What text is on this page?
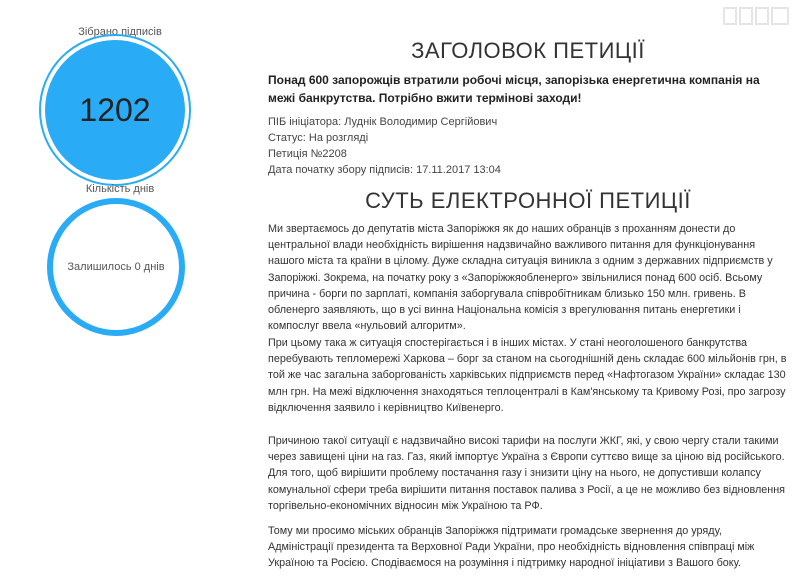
Зібрано підписів
1202
Кількість днів
Залишилось 0 днів
ЗАГОЛОВОК ПЕТИЦІЇ

Понад 600 запорожців втратили робочі місця, запорізька енергетична компанія на межі банкрутства. Потрібно вжити термінові заходи!

ПІБ ініціатора: Луднік Володимир Сергійович
Статус: На розгляді
Петиція №2208
Дата початку збору підписів: 17.11.2017 13:04
СУТЬ ЕЛЕКТРОННОЇ ПЕТИЦІЇ

Ми звертаємось до депутатів міста Запоріжжя як до наших обранців з проханням донести до центральної влади необхідність вирішення надзвичайно важливого питання для функціонування нашого міста та країни в цілому. Дуже складна ситуація виникла з одним з державних підприємств у Запоріжжі. Зокрема, на початку року з «Запоріжжяобленерго» звільнилися понад 600 осіб. Всьому причина - борги по зарплаті, компанія заборгувала співробітникам близько 150 млн. гривень. В обленерго заявляють, що в усі винна Національна комісія з врегулювання питань енергетики і компослуг ввела «нульовий алгоритм».

При цьому така ж ситуація спостерігається і в інших містах. У стані неоголошеного банкрутства перебувають тепломережі Харкова – борг за станом на сьогоднішній день складає 600 мільйонів грн, в той же час загальна заборгованість харківських підприємств перед «Нафтогазом України» складає 130 млн грн. На межі відключення знаходяться теплоцентралі в Кам'янському та Кривому Розі, про загрозу відключення заявило і керівництво Київенерго.

Причиною такої ситуації є надзвичайно високі тарифи на послуги ЖКГ, які, у свою чергу стали такими через завищені ціни на газ. Газ, який імпортує Україна з Європи суттєво вище за ціною від російського. Для того, щоб вирішити проблему постачання газу і знизити ціну на нього, не допустивши колапсу комунальної сфери треба вирішити питання поставок палива з Росії, а це не можливо без відновлення торгівельно-економічних відносин між Україною та РФ.

Тому ми просимо міських обранців Запоріжжя підтримати громадське звернення до уряду, Адміністрації президента та Верховної Ради України, про необхідність відновлення співпраці між Україною та Росією. Сподіваємося на розуміння і підтримку народної ініціативи з Вашого боку.
